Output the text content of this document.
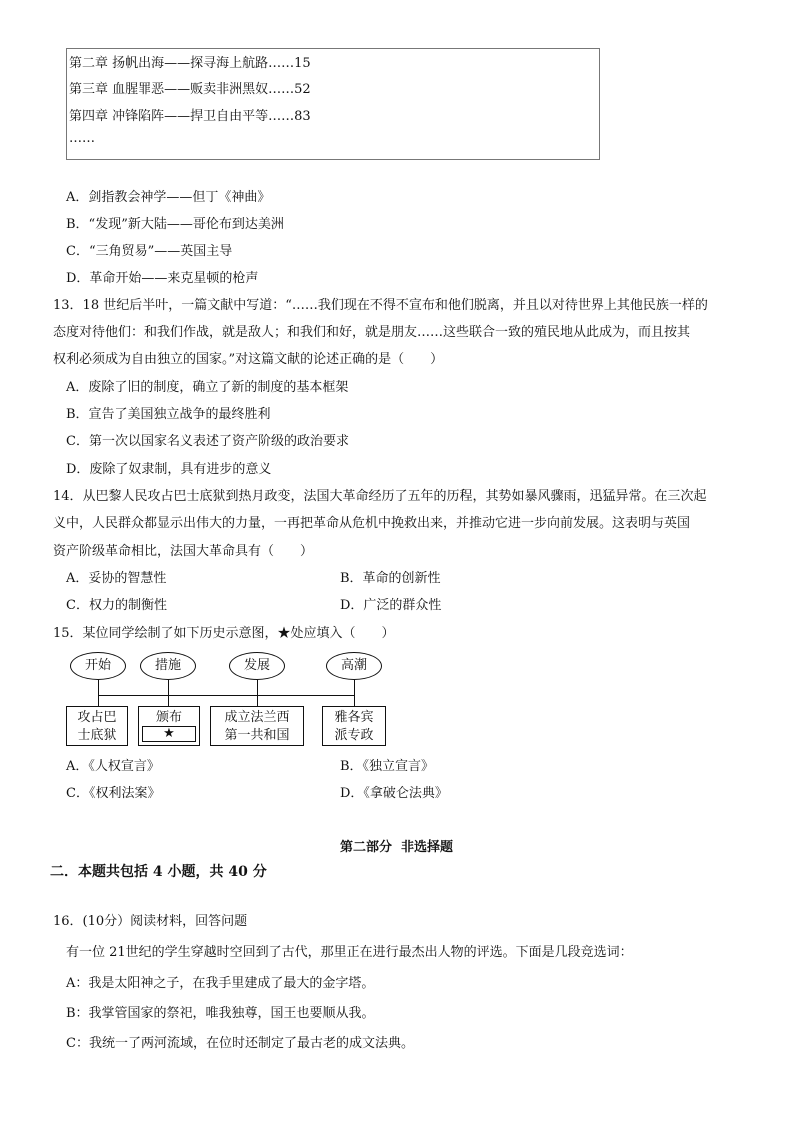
第二章 扬帆出海——探寻海上航路……15
第三章 血腥罪恶——贩卖非洲黑奴……52
第四章 冲锋陷阵——捍卫自由平等……83
……
A．剑指教会神学——但丁《神曲》
B．“发现”新大陆——哥伦布到达美洲
C．“三角贸易”——英国主导
D．革命开始——来克星顿的枪声
13．18 世纪后半叶，一篇文献中写道：“……我们现在不得不宣布和他们脱离，并且以对待世界上其他民族一样的
态度对待他们：和我们作战，就是敌人；和我们和好，就是朋友……这些联合一致的殖民地从此成为，而且按其
权利必须成为自由独立的国家。”对这篇文献的论述正确的是（　　）
A．废除了旧的制度，确立了新的制度的基本框架
B．宣告了美国独立战争的最终胜利
C．第一次以国家名义表述了资产阶级的政治要求
D．废除了奴隶制，具有进步的意义
14．从巴黎人民攻占巴士底狱到热月政变，法国大革命经历了五年的历程，其势如暴风骤雨，迅猛异常。在三次起
义中，人民群众都显示出伟大的力量，一再把革命从危机中挽救出来，并推动它进一步向前发展。这表明与英国
资产阶级革命相比，法国大革命具有（　　）
A．妥协的智慧性	B．革命的创新性
C．权力的制衡性	D．广泛的群众性
15．某位同学绘制了如下历史示意图，★处应填入（　　）
开始	措施	发展	高潮
攻占巴
士底狱
颁布
★
成立法兰西
第一共和国
雅各宾
派专政
A．《人权宣言》	B．《独立宣言》
C．《权利法案》	D．《拿破仑法典》
第二部分  非选择题
二．本题共包括 4 小题，共 40 分
16．(10分）阅读材料，回答问题
有一位 21世纪的学生穿越时空回到了古代，那里正在进行最杰出人物的评选。下面是几段竞选词：
A：我是太阳神之子，在我手里建成了最大的金字塔。
B：我掌管国家的祭祀，唯我独尊，国王也要顺从我。
C：我统一了两河流域，在位时还制定了最古老的成文法典。
